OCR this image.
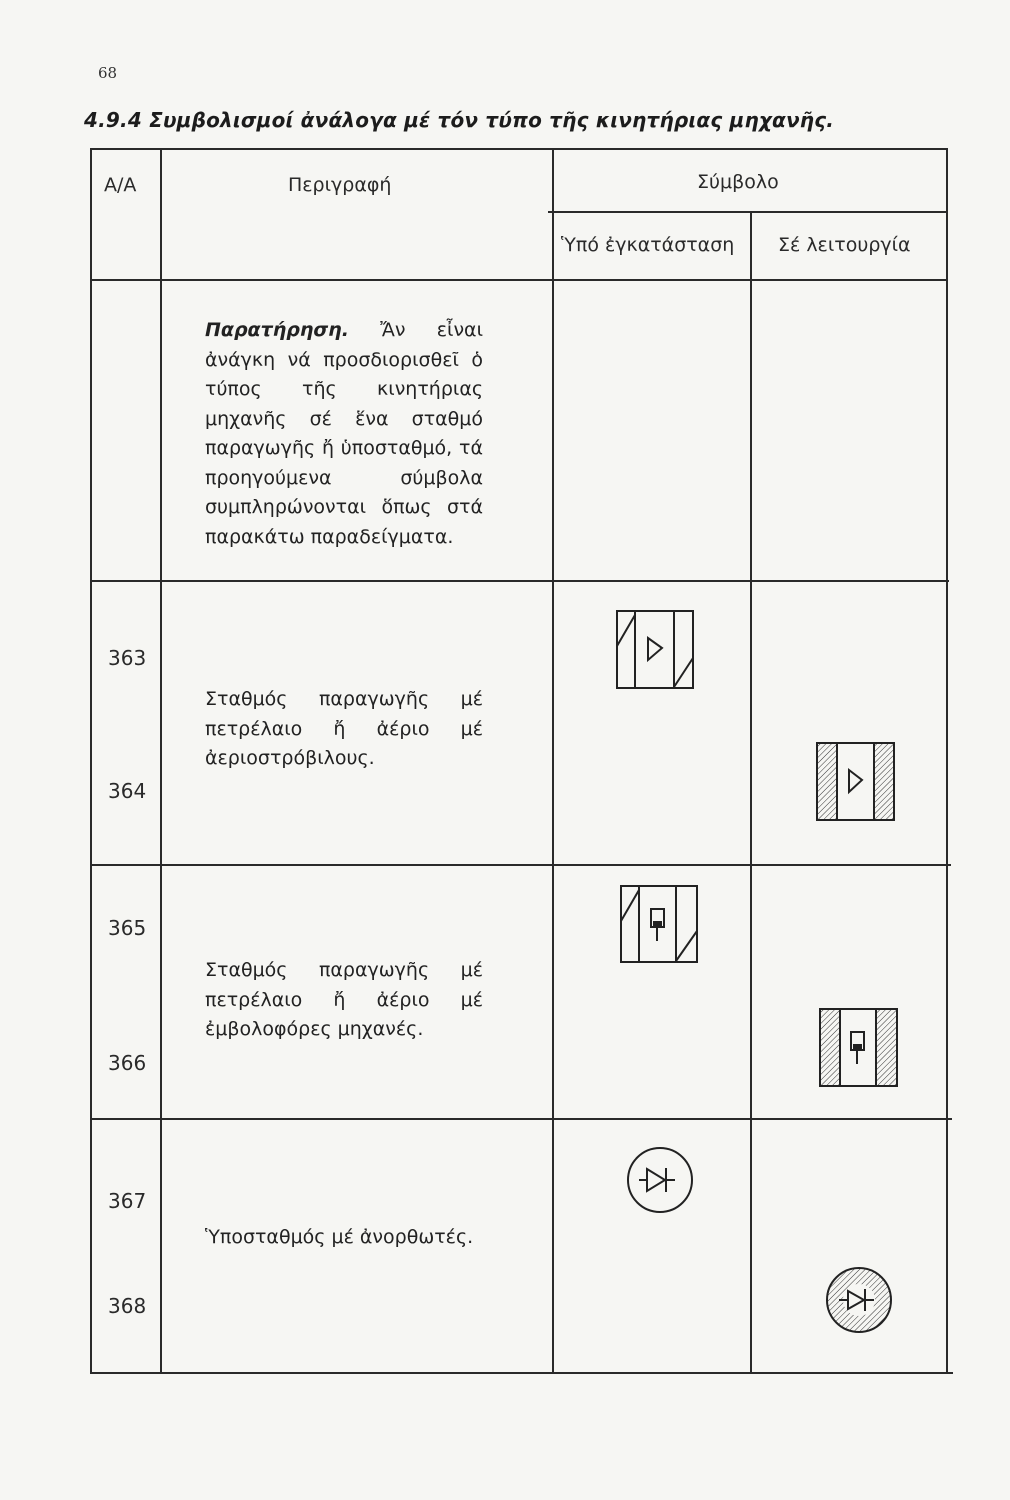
68
4.9.4 Συμβολισμοί ἀνάλογα μέ τόν τύπο τῆς κινητήριας μηχανῆς.
Α/Α	Περιγραφή	Σύμβολο
Ὑπό ἐγκατάσταση Σέ λειτουργία
Παρατήρηση. Ἄν εἶναι ἀνάγκη νά προσδιορισθεῖ ὁ τύπος τῆς κινητήριας μηχανῆς σέ ἕνα σταθμό παραγωγῆς ἤ ὑποσταθμό, τά προηγούμενα σύμβολα συμπληρώνονται ὅπως στά παρακάτω παραδείγματα.
363
364
Σταθμός παραγωγῆς μέ πετρέλαιο ἤ ἀέριο μέ ἀεριοστρόβιλους.
365
366
Σταθμός παραγωγῆς μέ πετρέλαιο ἤ ἀέριο μέ ἐμβολοφόρες μηχανές.
367
368
Ὑποσταθμός μέ ἀνορθωτές.
